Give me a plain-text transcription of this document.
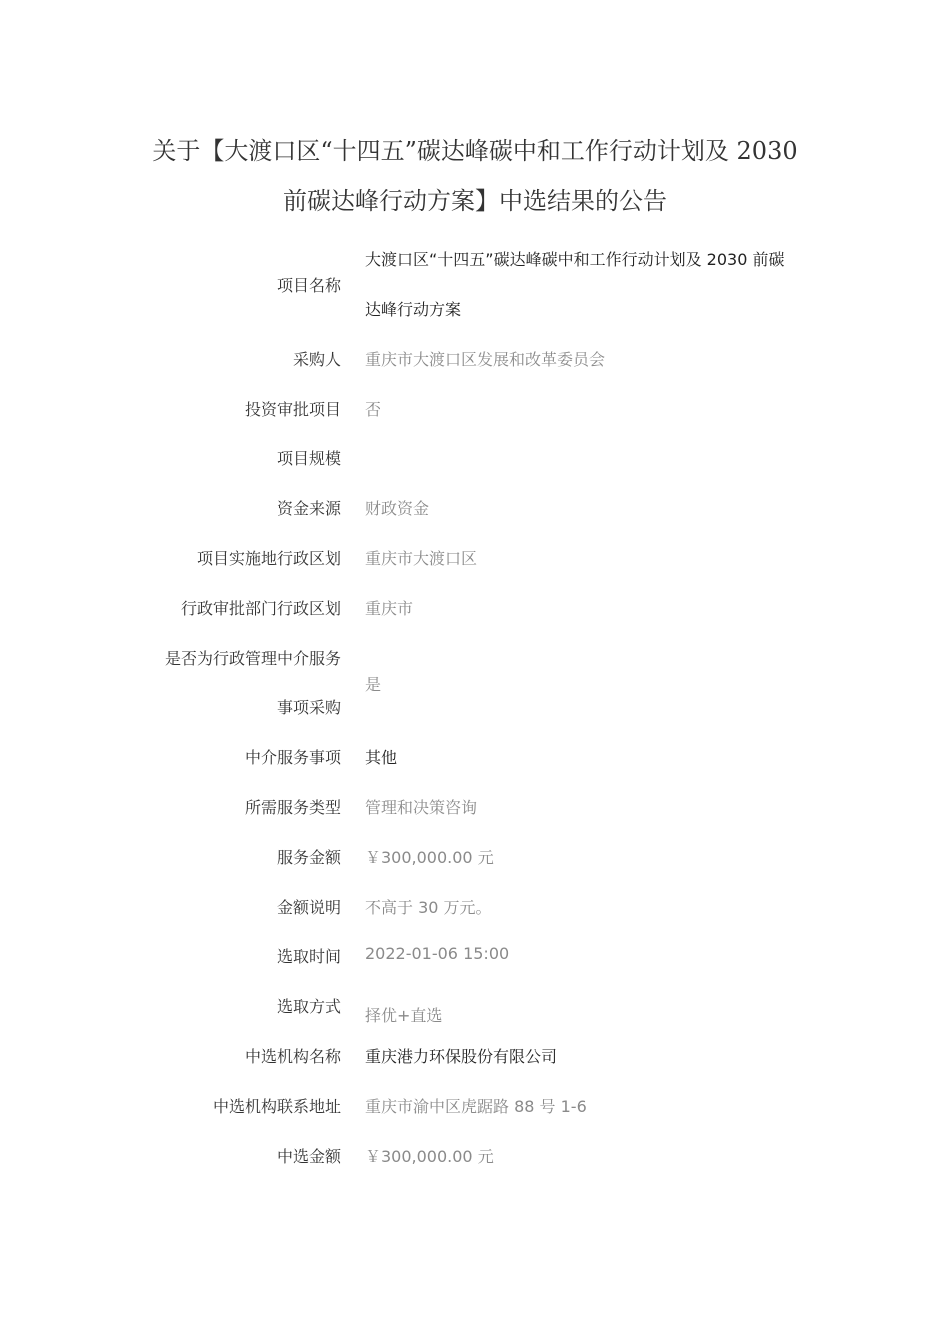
关于【大渡口区“十四五”碳达峰碳中和工作行动计划及 2030
前碳达峰行动方案】中选结果的公告
项目名称
大渡口区“十四五”碳达峰碳中和工作行动计划及 2030 前碳
达峰行动方案
采购人 重庆市大渡口区发展和改革委员会
投资审批项目 否
项目规模
资金来源 财政资金
项目实施地行政区划 重庆市大渡口区
行政审批部门行政区划 重庆市
是否为行政管理中介服务
事项采购
是
中介服务事项 其他
所需服务类型 管理和决策咨询
服务金额 ￥300,000.00 元
金额说明 不高于 30 万元。
选取时间 2022-01-06 15:00
选取方式 择优+直选
中选机构名称 重庆港力环保股份有限公司
中选机构联系地址 重庆市渝中区虎踞路 88 号 1-6
中选金额 ￥300,000.00 元
